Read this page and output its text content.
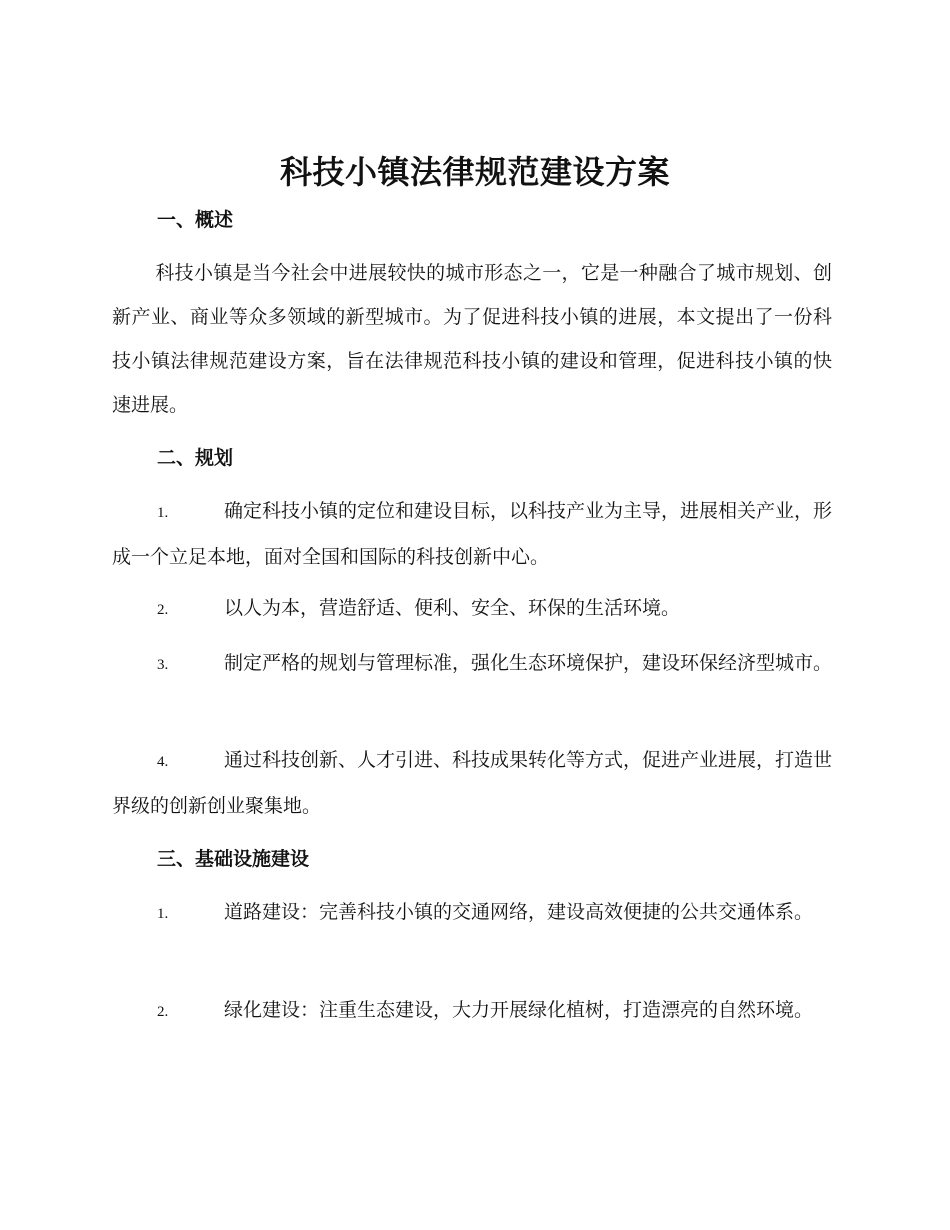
科技小镇法律规范建设方案
一、概述
科技小镇是当今社会中进展较快的城市形态之一，它是一种融合了城市规划、创新产业、商业等众多领域的新型城市。为了促进科技小镇的进展，本文提出了一份科技小镇法律规范建设方案，旨在法律规范科技小镇的建设和管理，促进科技小镇的快速进展。
二、规划
1.	确定科技小镇的定位和建设目标，以科技产业为主导，进展相关产业，形成一个立足本地，面对全国和国际的科技创新中心。
2.	以人为本，营造舒适、便利、安全、环保的生活环境。
3.	制定严格的规划与管理标准，强化生态环境保护，建设环保经济型城市。
4.	通过科技创新、人才引进、科技成果转化等方式，促进产业进展，打造世界级的创新创业聚集地。
三、基础设施建设
1.	道路建设：完善科技小镇的交通网络，建设高效便捷的公共交通体系。
2.	绿化建设：注重生态建设，大力开展绿化植树，打造漂亮的自然环境。
